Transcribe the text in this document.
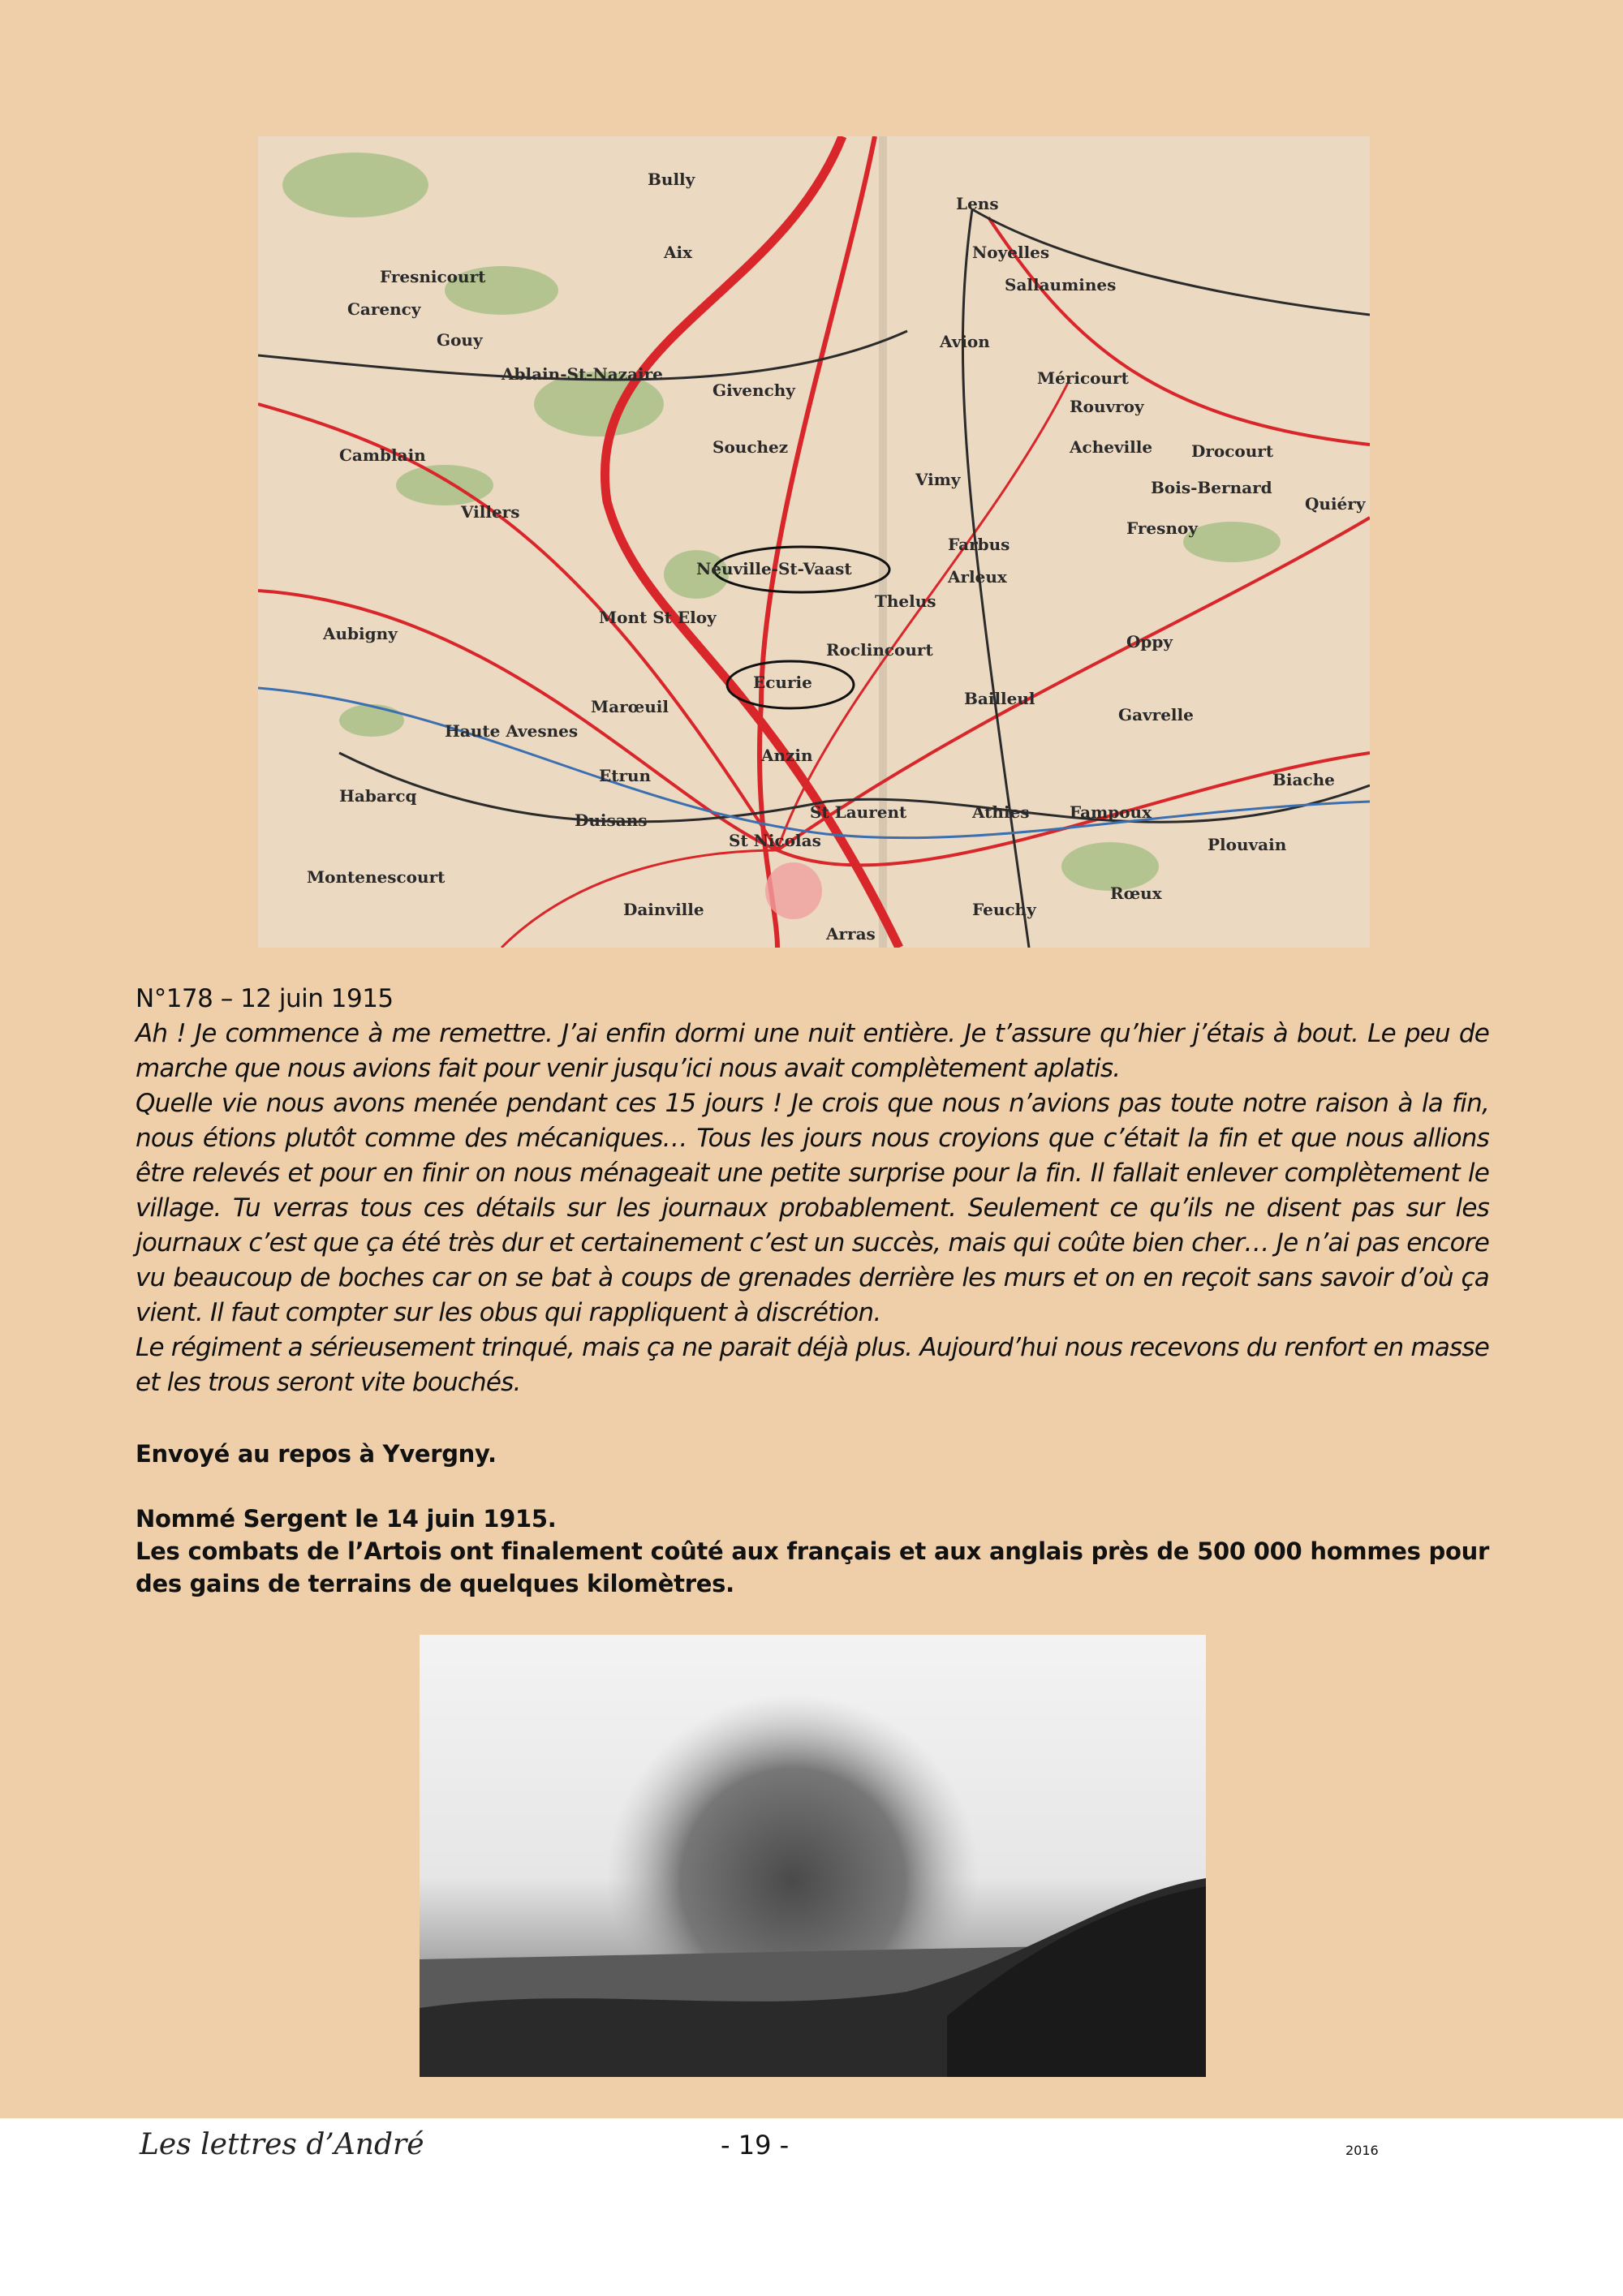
Bully
Aix
Lens
Avion
Givenchy
Souchez
Vimy
Neuville-St-Vaast
Ecurie
Thelus
Farbus
Arleux
Acheville
Fresnoy
Oppy
Gavrelle
Bailleul
Roclincourt
Anzin
St Laurent	Athies Fampoux
St Nicolas
Arras
Marœuil
Haute Avesnes
Etrun
Mont St Eloy
Camblain
Villers
Aubigny
Duisans
Dainville	Feuchy
Drocourt
Bois-Bernard
Rouvroy
Méricourt
Sallaumines
Noyelles
Carency
Ablain-St-Nazaire
Gouy
Fresnicourt
Habarcq
Montenescourt
Plouvain
Rœux
Biache
Quiéry
N°178 – 12 juin 1915

Ah ! Je commence à me remettre. J’ai enfin dormi une nuit entière. Je t’assure qu’hier j’étais à bout. Le peu de marche que nous avions fait pour venir jusqu’ici nous avait complètement aplatis.

Quelle vie nous avons menée pendant ces 15 jours ! Je crois que nous n’avions pas toute notre raison à la fin, nous étions plutôt comme des mécaniques… Tous les jours nous croyions que c’était la fin et que nous allions être relevés et pour en finir on nous ménageait une petite surprise pour la fin. Il fallait enlever complètement le village. Tu verras tous ces détails sur les journaux probablement. Seulement ce qu’ils ne disent pas sur les journaux c’est que ça été très dur et certainement c’est un succès, mais qui coûte bien cher… Je n’ai pas encore vu beaucoup de boches car on se bat à coups de grenades derrière les murs et on en reçoit sans savoir d’où ça vient. Il faut compter sur les obus qui rappliquent à discrétion.

Le régiment a sérieusement trinqué, mais ça ne parait déjà plus. Aujourd’hui nous recevons du renfort en masse et les trous seront vite bouchés.

Envoyé au repos à Yvergny.
Nommé Sergent le 14 juin 1915.
Les combats de l’Artois ont finalement coûté aux français et aux anglais près de 500 000 hommes pour des gains de terrains de quelques kilomètres.
Les lettres d’André	- 19 -	2016
